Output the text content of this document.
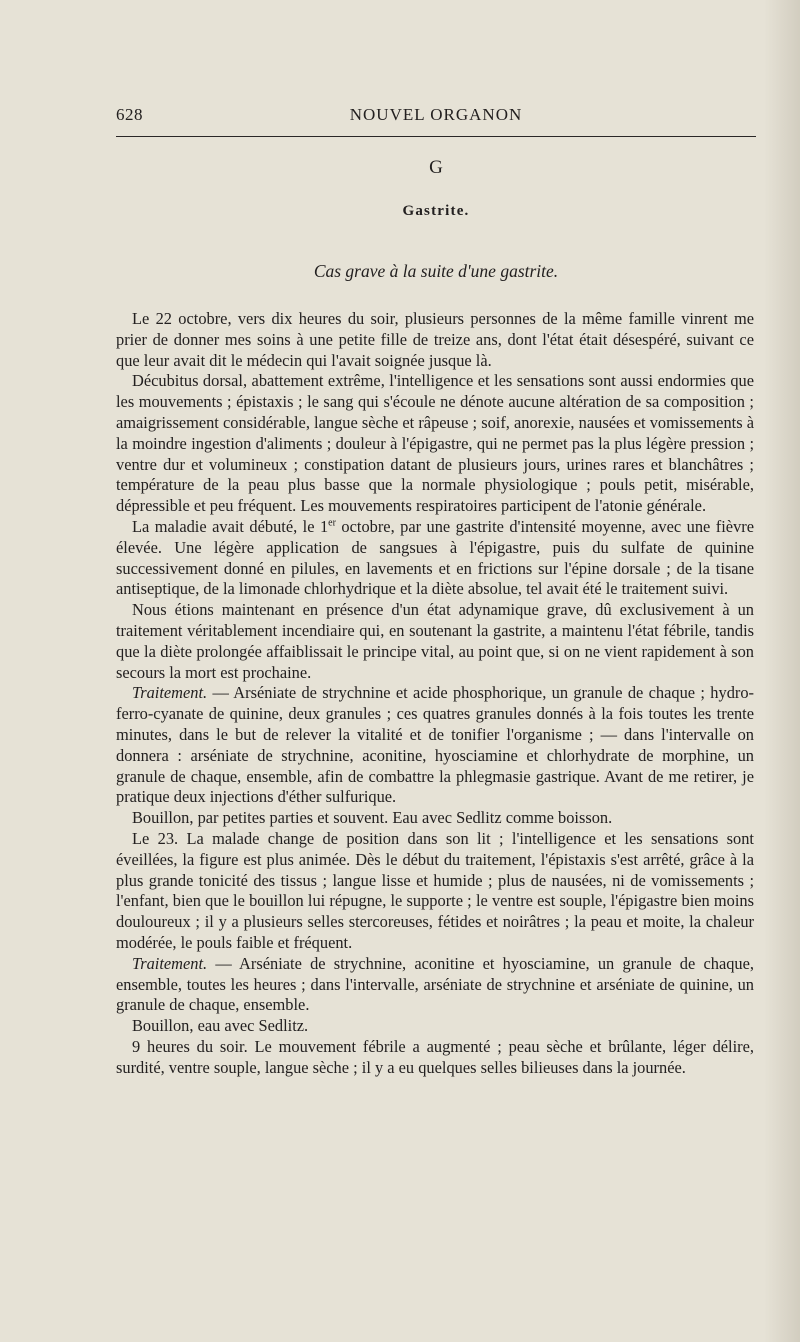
NOUVEL ORGANON
628
G
Gastrite.
Cas grave à la suite d'une gastrite.

Le 22 octobre, vers dix heures du soir, plusieurs personnes de la même famille vinrent me prier de donner mes soins à une petite fille de treize ans, dont l'état était désespéré, suivant ce que leur avait dit le médecin qui l'avait soignée jusque là.

Décubitus dorsal, abattement extrême, l'intelligence et les sensations sont aussi endormies que les mouvements ; épistaxis ; le sang qui s'écoule ne dénote aucune altération de sa composition ; amaigrissement considérable, langue sèche et râpeuse ; soif, anorexie, nausées et vomissements à la moindre ingestion d'aliments ; douleur à l'épigastre, qui ne permet pas la plus légère pression ; ventre dur et volumineux ; constipation datant de plusieurs jours, urines rares et blanchâtres ; température de la peau plus basse que la normale physiologique ; pouls petit, misérable, dépressible et peu fréquent. Les mouvements respiratoires participent de l'atonie générale.

La maladie avait débuté, le 1er octobre, par une gastrite d'intensité moyenne, avec une fièvre élevée. Une légère application de sangsues à l'épigastre, puis du sulfate de quinine successivement donné en pilules, en lavements et en frictions sur l'épine dorsale ; de la tisane antiseptique, de la limonade chlorhydrique et la diète absolue, tel avait été le traitement suivi.

Nous étions maintenant en présence d'un état adynamique grave, dû exclusivement à un traitement véritablement incendiaire qui, en soutenant la gastrite, a maintenu l'état fébrile, tandis que la diète prolongée affaiblissait le principe vital, au point que, si on ne vient rapidement à son secours la mort est prochaine.

Traitement. — Arséniate de strychnine et acide phosphorique, un granule de chaque ; hydro-ferro-cyanate de quinine, deux granules ; ces quatres granules donnés à la fois toutes les trente minutes, dans le but de relever la vitalité et de tonifier l'organisme ; — dans l'intervalle on donnera : arséniate de strychnine, aconitine, hyosciamine et chlorhydrate de morphine, un granule de chaque, ensemble, afin de combattre la phlegmasie gastrique. Avant de me retirer, je pratique deux injections d'éther sulfurique.

Bouillon, par petites parties et souvent. Eau avec Sedlitz comme boisson.

Le 23. La malade change de position dans son lit ; l'intelligence et les sensations sont éveillées, la figure est plus animée. Dès le début du traitement, l'épistaxis s'est arrêté, grâce à la plus grande tonicité des tissus ; langue lisse et humide ; plus de nausées, ni de vomissements ; l'enfant, bien que le bouillon lui répugne, le supporte ; le ventre est souple, l'épigastre bien moins douloureux ; il y a plusieurs selles stercoreuses, fétides et noirâtres ; la peau et moite, la chaleur modérée, le pouls faible et fréquent.

Traitement. — Arséniate de strychnine, aconitine et hyosciamine, un granule de chaque, ensemble, toutes les heures ; dans l'intervalle, arséniate de strychnine et arséniate de quinine, un granule de chaque, ensemble.

Bouillon, eau avec Sedlitz.

9 heures du soir. Le mouvement fébrile a augmenté ; peau sèche et brûlante, léger délire, surdité, ventre souple, langue sèche ; il y a eu quelques selles bilieuses dans la journée.
